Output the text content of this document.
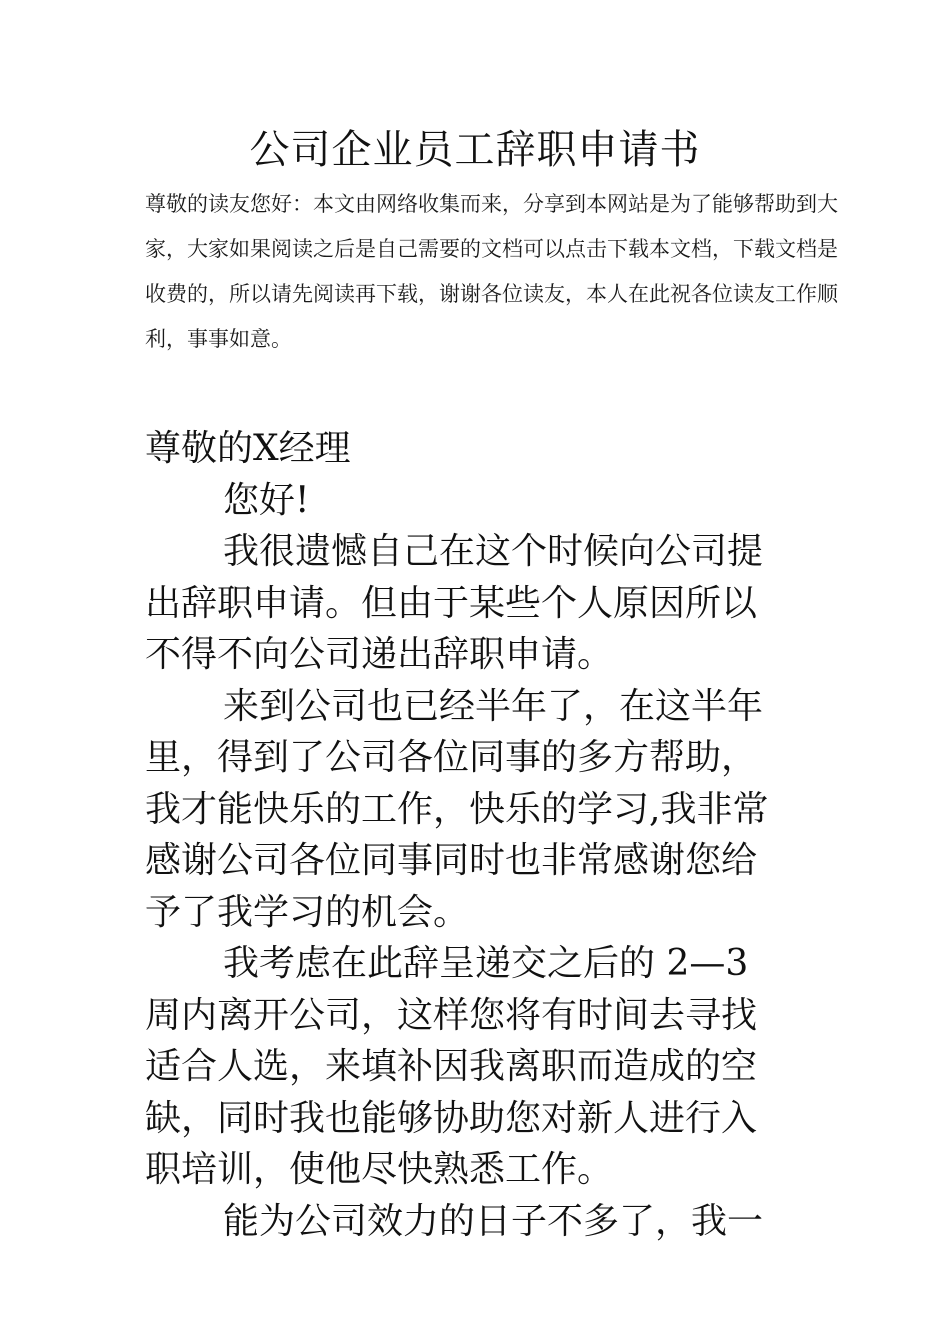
公司企业员工辞职申请书

尊敬的读友您好：本文由网络收集而来，分享到本网站是为了能够帮助到大

家，大家如果阅读之后是自己需要的文档可以点击下载本文档，下载文档是

收费的，所以请先阅读再下载，谢谢各位读友，本人在此祝各位读友工作顺

利，事事如意。

尊敬的X经理

您好!

我很遗憾自己在这个时候向公司提

出辞职申请。但由于某些个人原因所以

不得不向公司递出辞职申请。

来到公司也已经半年了，在这半年

里，得到了公司各位同事的多方帮助，

我才能快乐的工作，快乐的学习,我非常

感谢公司各位同事同时也非常感谢您给

予了我学习的机会。

我考虑在此辞呈递交之后的 2—3

周内离开公司，这样您将有时间去寻找

适合人选，来填补因我离职而造成的空

缺，同时我也能够协助您对新人进行入

职培训，使他尽快熟悉工作。

能为公司效力的日子不多了，我一
